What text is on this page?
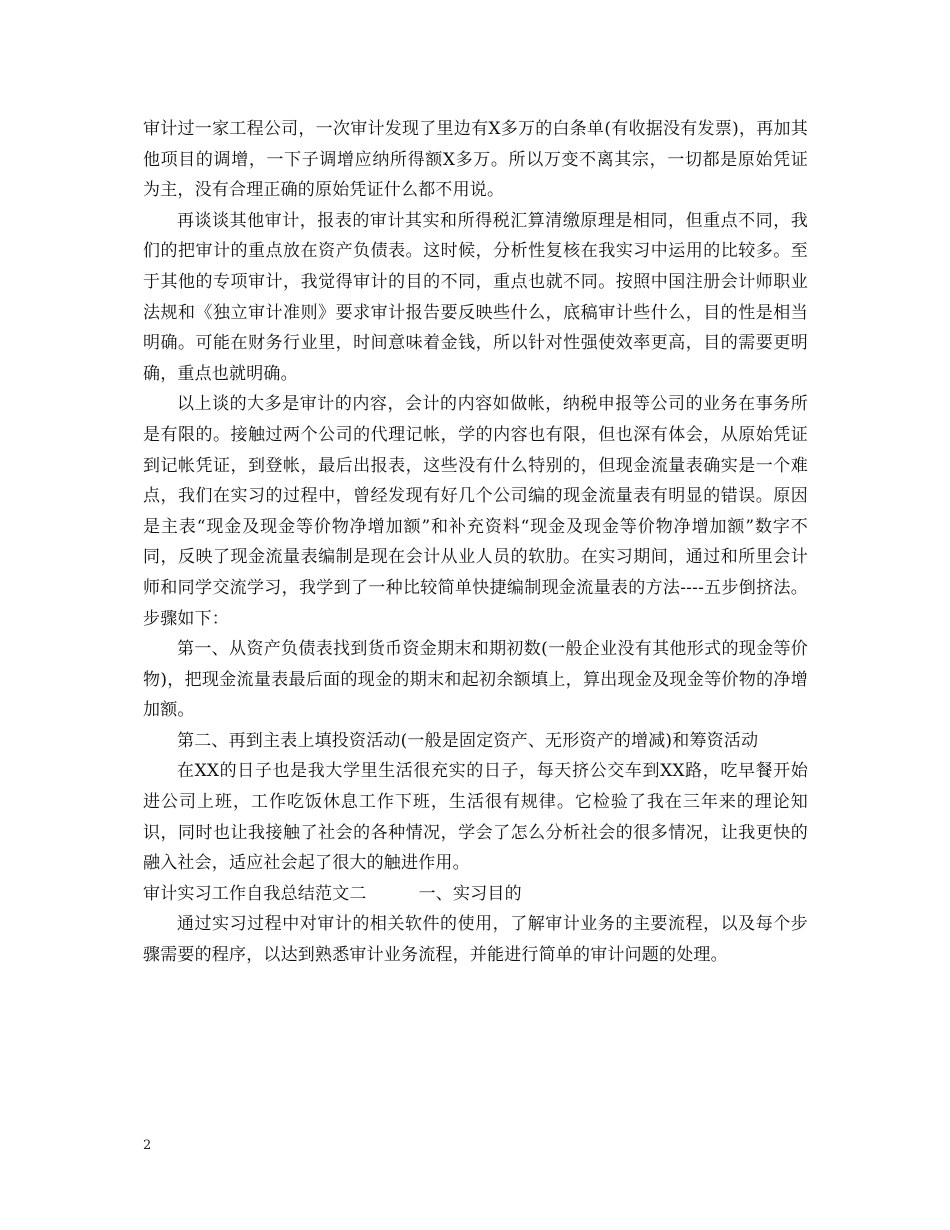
审计过一家工程公司，一次审计发现了里边有X多万的白条单(有收据没有发票)，再加其他项目的调增，一下子调增应纳所得额X多万。所以万变不离其宗，一切都是原始凭证为主，没有合理正确的原始凭证什么都不用说。

再谈谈其他审计，报表的审计其实和所得税汇算清缴原理是相同，但重点不同，我们的把审计的重点放在资产负债表。这时候，分析性复核在我实习中运用的比较多。至于其他的专项审计，我觉得审计的目的不同，重点也就不同。按照中国注册会计师职业法规和《独立审计准则》要求审计报告要反映些什么，底稿审计些什么，目的性是相当明确。可能在财务行业里，时间意味着金钱，所以针对性强使效率更高，目的需要更明确，重点也就明确。

以上谈的大多是审计的内容，会计的内容如做帐，纳税申报等公司的业务在事务所是有限的。接触过两个公司的代理记帐，学的内容也有限，但也深有体会，从原始凭证到记帐凭证，到登帐，最后出报表，这些没有什么特别的，但现金流量表确实是一个难点，我们在实习的过程中，曾经发现有好几个公司编的现金流量表有明显的错误。原因是主表“现金及现金等价物净增加额”和补充资料“现金及现金等价物净增加额”数字不同，反映了现金流量表编制是现在会计从业人员的软肋。在实习期间，通过和所里会计师和同学交流学习，我学到了一种比较简单快捷编制现金流量表的方法----五步倒挤法。步骤如下：

第一、从资产负债表找到货币资金期末和期初数(一般企业没有其他形式的现金等价物)，把现金流量表最后面的现金的期末和起初余额填上，算出现金及现金等价物的净增加额。

第二、再到主表上填投资活动(一般是固定资产、无形资产的增减)和筹资活动

在XX的日子也是我大学里生活很充实的日子，每天挤公交车到XX路，吃早餐开始进公司上班，工作吃饭休息工作下班，生活很有规律。它检验了我在三年来的理论知识，同时也让我接触了社会的各种情况，学会了怎么分析社会的很多情况，让我更快的融入社会，适应社会起了很大的触进作用。

审计实习工作自我总结范文二	一、实习目的

通过实习过程中对审计的相关软件的使用，了解审计业务的主要流程，以及每个步骤需要的程序，以达到熟悉审计业务流程，并能进行简单的审计问题的处理。

2
